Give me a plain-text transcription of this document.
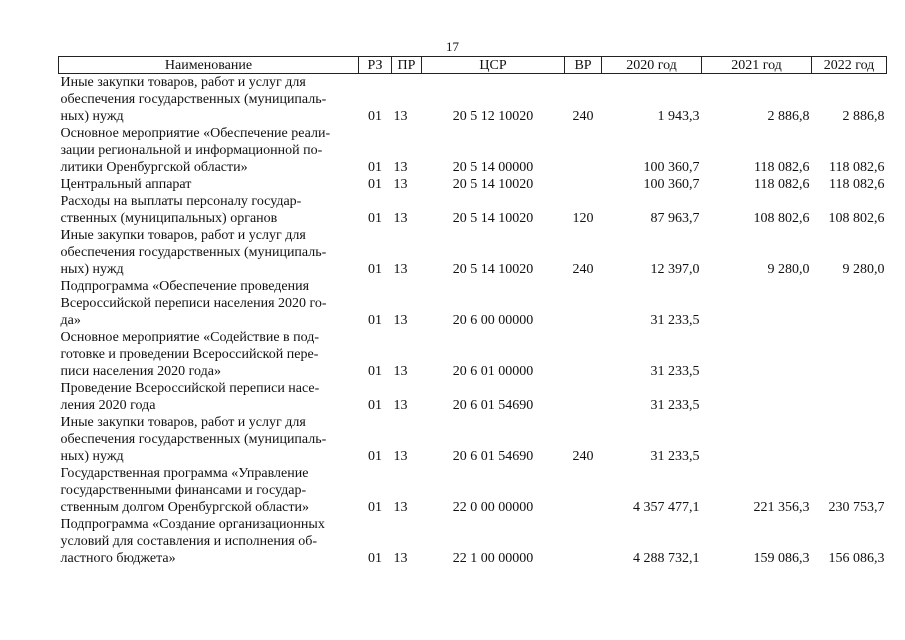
17
Наименование	РЗ	ПР	ЦСР	ВР	2020 год	2021 год	2022 год

Иные закупки товаров, работ и услуг для
обеспечения государственных (муниципаль-
ных) нужд	01	13	20 5 12 10020	240	1 943,3	2 886,8	2 886,8

Основное мероприятие «Обеспечение реали-
зации региональной и информационной по-
литики Оренбургской области»	01	13	20 5 14 00000		100 360,7	118 082,6	118 082,6

Центральный аппарат	01	13	20 5 14 10020		100 360,7	118 082,6	118 082,6

Расходы на выплаты персоналу государ-
ственных (муниципальных) органов	01	13	20 5 14 10020	120	87 963,7	108 802,6	108 802,6

Иные закупки товаров, работ и услуг для
обеспечения государственных (муниципаль-
ных) нужд	01	13	20 5 14 10020	240	12 397,0	9 280,0	9 280,0

Подпрограмма «Обеспечение проведения
Всероссийской переписи населения 2020 го-
да»	01	13	20 6 00 00000		31 233,5		

Основное мероприятие «Содействие в под-
готовке и проведении Всероссийской пере-
писи населения 2020 года»	01	13	20 6 01 00000		31 233,5		

Проведение Всероссийской переписи насе-
ления 2020 года	01	13	20 6 01 54690		31 233,5		

Иные закупки товаров, работ и услуг для
обеспечения государственных (муниципаль-
ных) нужд	01	13	20 6 01 54690	240	31 233,5		

Государственная программа «Управление
государственными финансами и государ-
ственным долгом Оренбургской области»	01	13	22 0 00 00000		4 357 477,1	221 356,3	230 753,7

Подпрограмма «Создание организационных
условий для составления и исполнения об-
ластного бюджета»	01	13	22 1 00 00000		4 288 732,1	159 086,3	156 086,3
